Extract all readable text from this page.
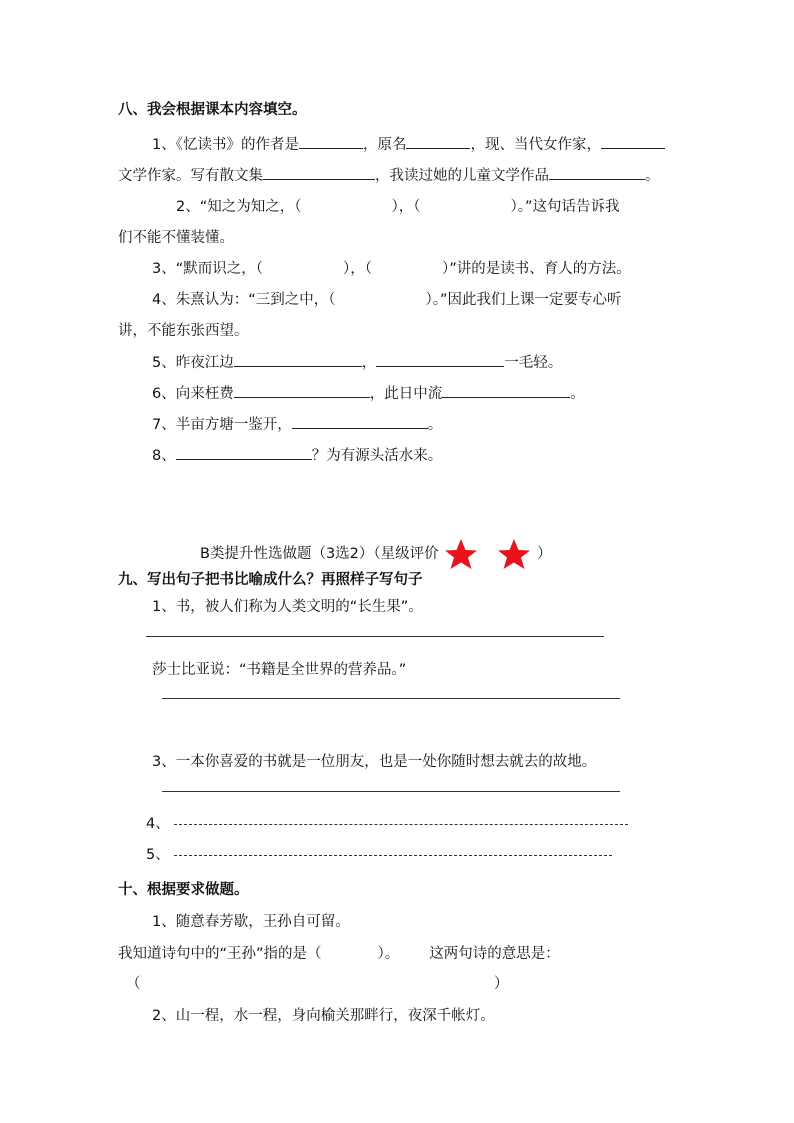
八、我会根据课本内容填空。
1、《忆读书》的作者是	，原名	，现、当代女作家，
文学作家。写有散文集	，我读过她的儿童文学作品	。
2、“知之为知之，（	），（	）。”这句话告诉我
们不能不懂装懂。
3、“默而识之，（	），（	）”讲的是读书、育人的方法。
4、朱熹认为：“三到之中，（	）。”因此我们上课一定要专心听
讲，不能东张西望。
5、昨夜江边	，	一毛轻。
6、向来枉费	，此日中流	。
7、半亩方塘一鉴开，	。
8、	？为有源头活水来。
B类提升性选做题（3选2）（星级评价	）
九、写出句子把书比喻成什么？再照样子写句子
1、书，被人们称为人类文明的“长生果”。
莎士比亚说：“书籍是全世界的营养品。”
3、一本你喜爱的书就是一位朋友，也是一处你随时想去就去的故地。
4、
5、
十、根据要求做题。
1、随意春芳歇，王孙自可留。
我知道诗句中的“王孙”指的是（	）。 这两句诗的意思是：
（	）
2、山一程，水一程，身向榆关那畔行，夜深千帐灯。
